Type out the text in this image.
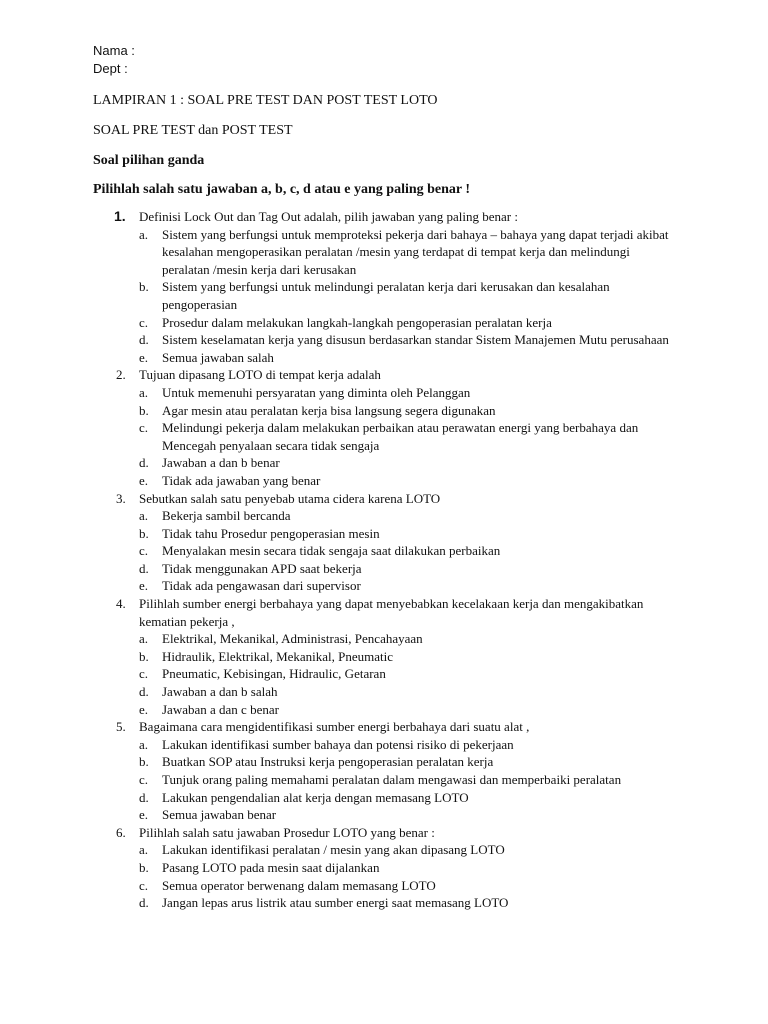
Nama :
Dept :
LAMPIRAN 1 : SOAL PRE TEST DAN POST TEST LOTO
SOAL PRE TEST dan POST TEST
Soal pilihan ganda
Pilihlah salah satu jawaban a, b, c, d atau e yang paling benar !
1.	Definisi Lock Out dan Tag Out adalah, pilih jawaban yang paling benar :
a.	Sistem yang berfungsi untuk memproteksi pekerja dari bahaya – bahaya yang dapat terjadi akibat kesalahan mengoperasikan peralatan /mesin yang terdapat di tempat kerja dan melindungi peralatan /mesin kerja dari kerusakan
b.	Sistem yang berfungsi untuk melindungi peralatan kerja dari kerusakan dan kesalahan pengoperasian
c.	Prosedur dalam melakukan langkah-langkah pengoperasian peralatan kerja
d.	Sistem keselamatan kerja yang disusun berdasarkan standar Sistem Manajemen Mutu perusahaan
e.	Semua jawaban salah
2.	Tujuan dipasang LOTO di tempat kerja adalah
a.	Untuk memenuhi persyaratan yang diminta oleh Pelanggan
b.	Agar mesin atau peralatan kerja bisa langsung segera digunakan
c.	Melindungi pekerja dalam melakukan perbaikan atau perawatan energi yang berbahaya dan Mencegah penyalaan secara tidak sengaja
d.	Jawaban a dan b benar
e.	Tidak ada jawaban yang benar
3.	Sebutkan salah satu penyebab utama cidera karena LOTO
a.	Bekerja sambil bercanda
b.	Tidak tahu Prosedur pengoperasian mesin
c.	Menyalakan mesin secara tidak sengaja saat dilakukan perbaikan
d.	Tidak menggunakan APD saat bekerja
e.	Tidak ada pengawasan dari supervisor
4.	Pilihlah sumber energi berbahaya yang dapat menyebabkan kecelakaan kerja dan mengakibatkan kematian pekerja ,
a.	Elektrikal, Mekanikal, Administrasi, Pencahayaan
b.	Hidraulik, Elektrikal, Mekanikal, Pneumatic
c.	Pneumatic, Kebisingan, Hidraulic, Getaran
d.	Jawaban a dan b salah
e.	Jawaban a dan c benar
5.	Bagaimana cara mengidentifikasi sumber energi berbahaya dari suatu alat ,
a.	Lakukan identifikasi sumber bahaya dan potensi risiko di pekerjaan
b.	Buatkan SOP atau Instruksi kerja pengoperasian peralatan kerja
c.	Tunjuk orang paling memahami peralatan dalam mengawasi dan memperbaiki peralatan
d.	Lakukan pengendalian alat kerja dengan memasang LOTO
e.	Semua jawaban benar
6.	Pilihlah salah satu jawaban Prosedur LOTO yang benar :
a.	Lakukan identifikasi peralatan / mesin yang akan dipasang LOTO
b.	Pasang LOTO pada mesin saat dijalankan
c.	Semua operator berwenang dalam memasang LOTO
d.	Jangan lepas arus listrik atau sumber energi saat memasang LOTO
